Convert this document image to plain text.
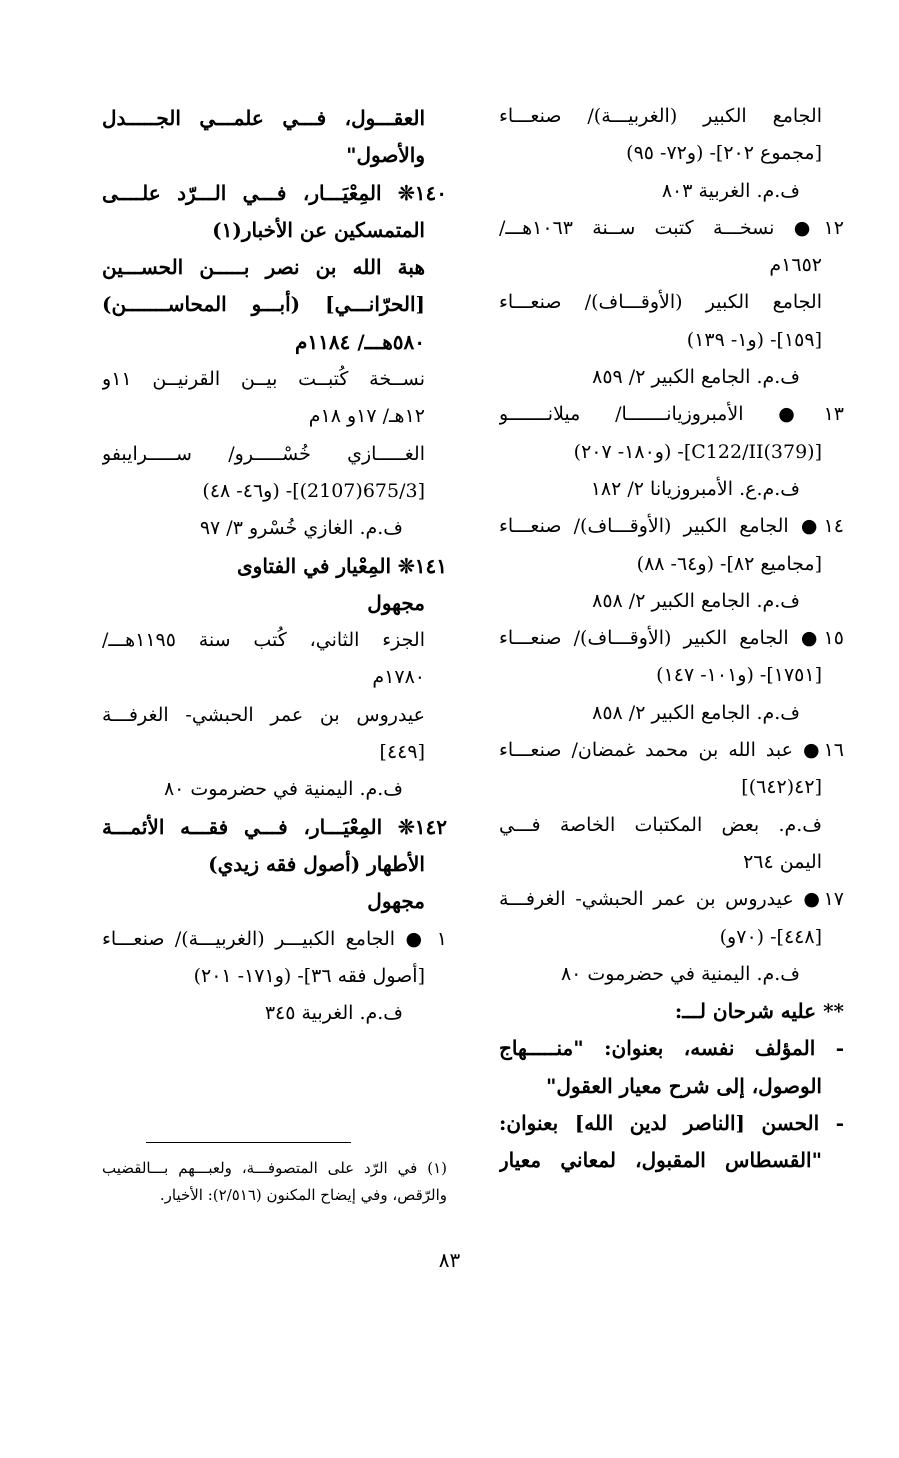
الجامع الكبير (الغربيـــة)/ صنعـــاء
[مجموع ٢٠٢]- (و٧٢- ٩٥)
ف.م. الغربية ٨٠٣
١٢● نسخـــة كتبت ســنة ١٠٦٣هـــ/
١٦٥٢م
الجامع الكبير (الأوقـــاف)/ صنعـــاء
[١٥٩]- (و١- ١٣٩)
ف.م. الجامع الكبير ٢/ ٨٥٩
١٣● الأمبروزيانـــــــا/ ميلانـــــــو
[C122/II(379)]- (و١٨٠- ٢٠٧)
ف.م.ع. الأمبروزيانا ٢/ ١٨٢
١٤● الجامع الكبير (الأوقـــاف)/ صنعـــاء
[مجاميع ٨٢]- (و٦٤- ٨٨)
ف.م. الجامع الكبير ٢/ ٨٥٨
١٥● الجامع الكبير (الأوقـــاف)/ صنعـــاء
[١٧٥١]- (و١٠١- ١٤٧)
ف.م. الجامع الكبير ٢/ ٨٥٨
١٦● عبد الله بن محمد غمضان/ صنعـــاء
[٤٢(٦٤٢)]
ف.م. بعض المكتبات الخاصة فـــي
اليمن ٢٦٤
١٧● عيدروس بن عمر الحبشي- الغرفـــة
[٤٤٨]- (٧٠و)
ف.م. اليمنية في حضرموت ٨٠
** عليه شرحان لـــ:
- المؤلف نفسه، بعنوان: "منـــــهاج
الوصول، إلى شرح معيار العقول"
- الحسن [الناصر لدين الله] بعنوان:
"القسطاس المقبول، لمعاني معيار
العقـــول، فـــي علمـــي الجـــــدل
والأصول"
١٤٠❊ المِعْيَـــار، فـــي الـــرّد علــــى
المتمسكين عن الأخبار(١)
هبة الله بن نصر بـــــن الحســـين
[الحرّانـــي] (أبـــو المحاســـــــن)
٥٨٠هـــ/ ١١٨٤م
نســخة كُتبــت بيــن القرنيــن ١١و
١٢هـ/ ١٧و ١٨م
الغـــــازي خُسْـــــرو/ ســـــرايبفو
[675/3(2107)]- (و٤٦- ٤٨)
ف.م. الغازي خُسْرو ٣/ ٩٧
١٤١❊ المِعْيار في الفتاوى
مجهول
الجزء الثاني، كُتب سنة ١١٩٥هـــ/
١٧٨٠م
عيدروس بن عمر الحبشي- الغرفـــة
[٤٤٩]
ف.م. اليمنية في حضرموت ٨٠
١٤٢❊ المِعْيَـــار، فـــي فقـــه الأئمـــة
الأطهار (أصول فقه زيدي)
مجهول
١ ● الجامع الكبيـــر (الغربيـــة)/ صنعـــاء
[أصول فقه ٣٦]- (و١٧١- ٢٠١)
ف.م. الغربية ٣٤٥
(١) في الرّد على المتصوفـــة، ولعبـــهم بـــالقضيب
والرّقص، وفي إيضاح المكنون (٢/٥١٦): الأخيار.
٨٣
